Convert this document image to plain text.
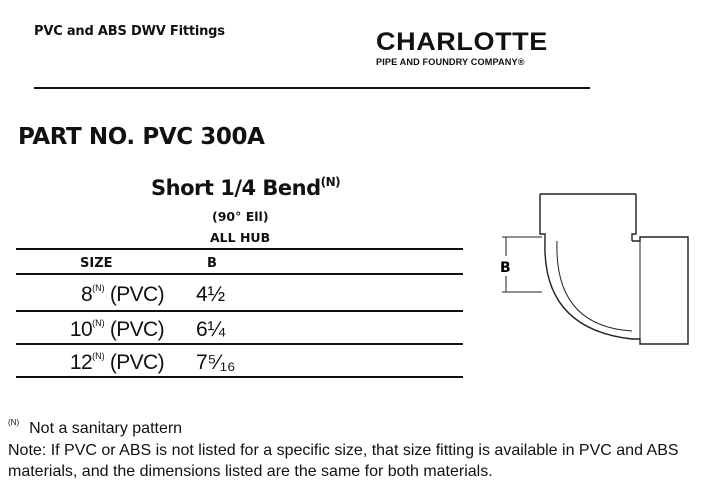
PVC and ABS DWV Fittings	CHARLOTTE
PIPE AND FOUNDRY COMPANY®
PART NO. PVC 300A
Short 1/4 Bend$^{(N)}$
(90° Ell)
ALL HUB
SIZE	B
$8^{(N)}$ (PVC) 4½
$10^{(N)}$ (PVC) 6¼
$12^{(N)}$ (PVC) 7⁵⁄₁₆
B
$^{(N)}$ Not a sanitary pattern
Note: If PVC or ABS is not listed for a specific size, that size fitting is available in PVC and ABS materials, and the dimensions listed are the same for both materials.
